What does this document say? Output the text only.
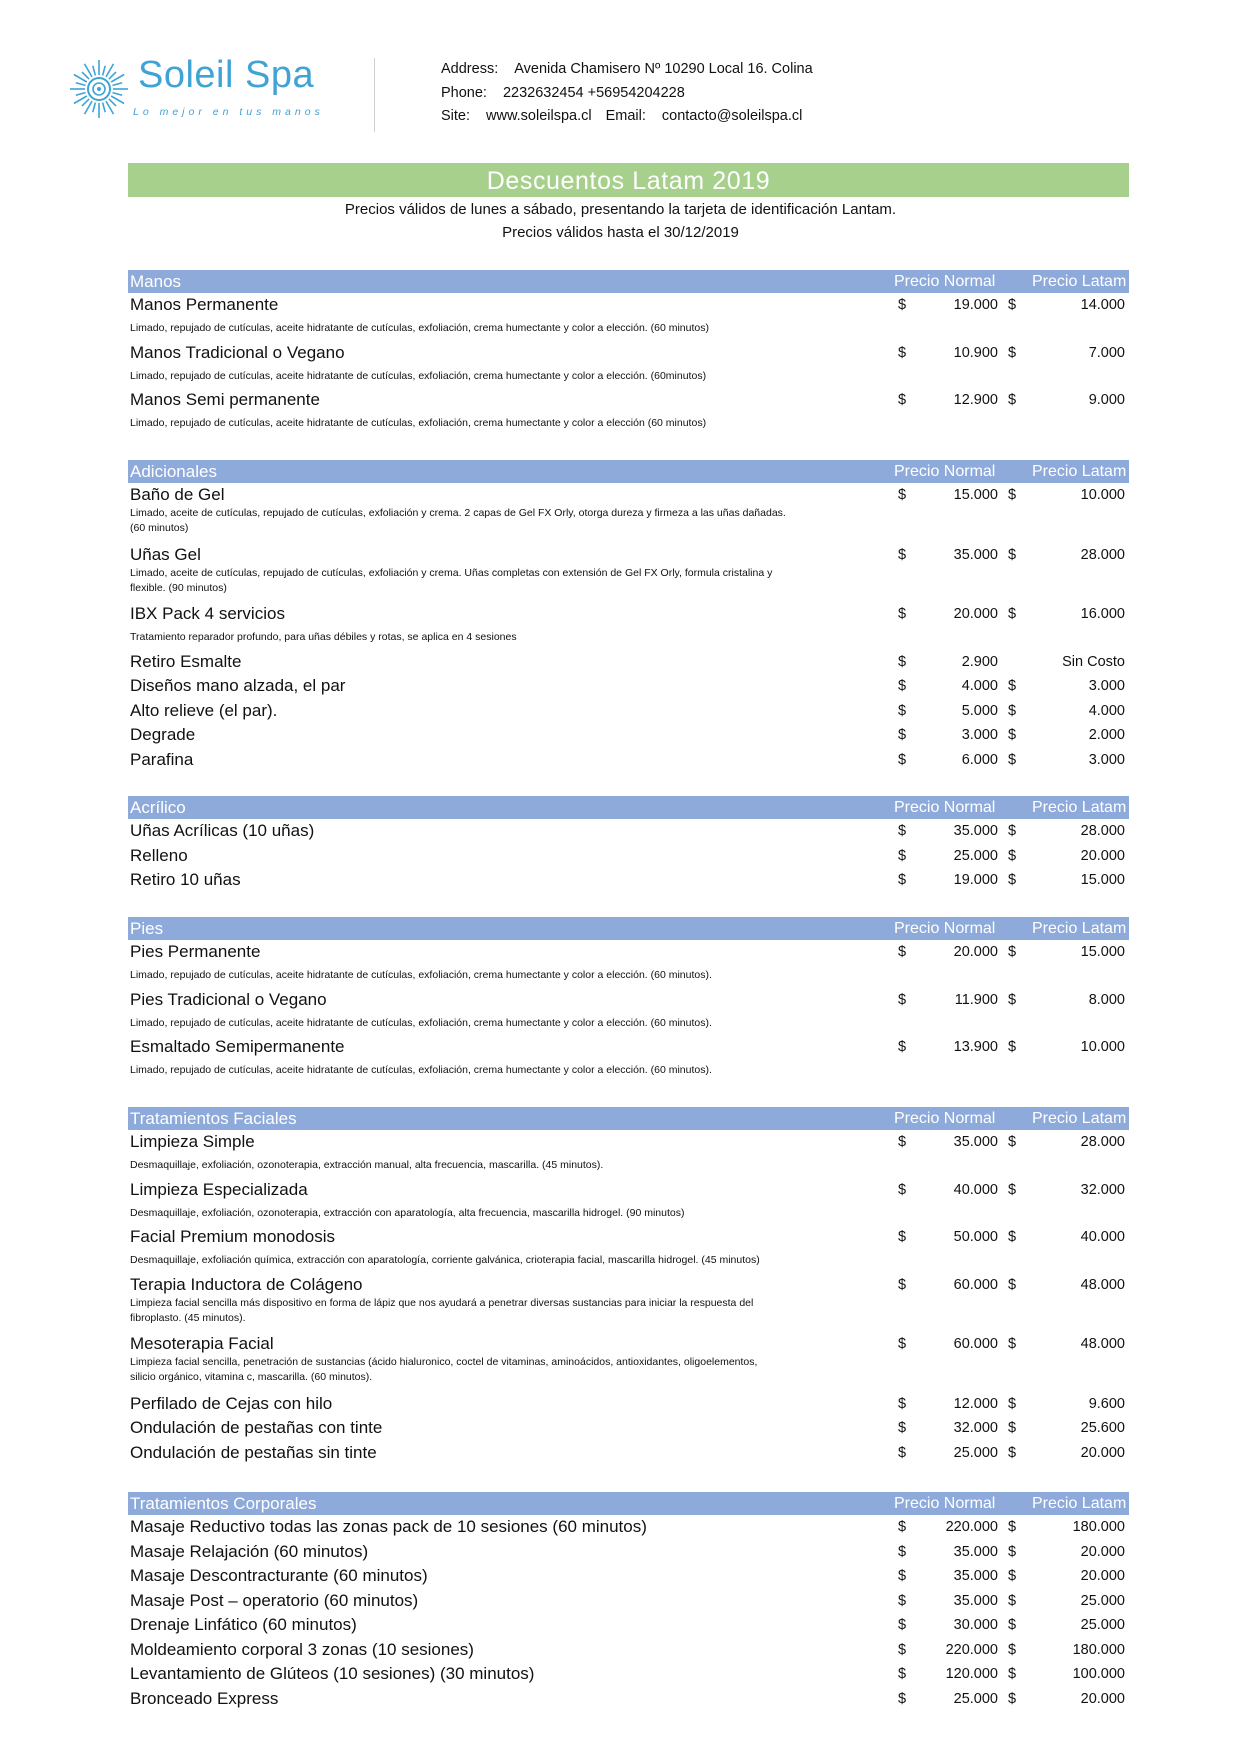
Soleil Spa
Lo mejor en tus manos
Address: Avenida Chamisero Nº 10290 Local 16. Colina
Phone: 2232632454 +56954204228
Site: www.soleilspa.cl Email: contacto@soleilspa.cl
Descuentos Latam 2019
Precios válidos de lunes a sábado, presentando la tarjeta de identificación Lantam.
Precios válidos hasta el 30/12/2019
Manos	Precio Normal Precio Latam
Manos Permanente	$	19.000 $	14.000
Limado, repujado de cutículas, aceite hidratante de cutículas, exfoliación, crema humectante y color a elección. (60 minutos)
Manos Tradicional o Vegano	$	10.900 $	7.000
Limado, repujado de cutículas, aceite hidratante de cutículas, exfoliación, crema humectante y color a elección. (60minutos)
Manos Semi permanente	$	12.900 $	9.000
Limado, repujado de cutículas, aceite hidratante de cutículas, exfoliación, crema humectante y color a elección (60 minutos)
Adicionales	Precio Normal Precio Latam
Baño de Gel	$	15.000 $	10.000
Limado, aceite de cutículas, repujado de cutículas, exfoliación y crema. 2 capas de Gel FX Orly, otorga dureza y firmeza a las uñas dañadas.
(60 minutos)
Uñas Gel	$	35.000 $	28.000
Limado, aceite de cutículas, repujado de cutículas, exfoliación y crema. Uñas completas con extensión de Gel FX Orly, formula cristalina y
flexible. (90 minutos)
IBX Pack 4 servicios	$	20.000 $	16.000
Tratamiento reparador profundo, para uñas débiles y rotas, se aplica en 4 sesiones
Retiro Esmalte	$	2.900	Sin Costo
Diseños mano alzada, el par	$	4.000 $	3.000
Alto relieve (el par).	$	5.000 $	4.000
Degrade	$	3.000 $	2.000
Parafina	$	6.000 $	3.000
Acrílico	Precio Normal Precio Latam
Uñas Acrílicas (10 uñas)	$	35.000 $	28.000
Relleno	$	25.000 $	20.000
Retiro 10 uñas	$	19.000 $	15.000
Pies	Precio Normal Precio Latam
Pies Permanente	$	20.000 $	15.000
Limado, repujado de cutículas, aceite hidratante de cutículas, exfoliación, crema humectante y color a elección. (60 minutos).
Pies Tradicional o Vegano	$	11.900 $	8.000
Limado, repujado de cutículas, aceite hidratante de cutículas, exfoliación, crema humectante y color a elección. (60 minutos).
Esmaltado Semipermanente	$	13.900 $	10.000
Limado, repujado de cutículas, aceite hidratante de cutículas, exfoliación, crema humectante y color a elección. (60 minutos).
Tratamientos Faciales	Precio Normal Precio Latam
Limpieza Simple	$	35.000 $	28.000
Desmaquillaje, exfoliación, ozonoterapia, extracción manual, alta frecuencia, mascarilla. (45 minutos).
Limpieza Especializada	$	40.000 $	32.000
Desmaquillaje, exfoliación, ozonoterapia, extracción con aparatología, alta frecuencia, mascarilla hidrogel. (90 minutos)
Facial Premium monodosis	$	50.000 $	40.000
Desmaquillaje, exfoliación química, extracción con aparatología, corriente galvánica, crioterapia facial, mascarilla hidrogel. (45 minutos)
Terapia Inductora de Colágeno	$	60.000 $	48.000
Limpieza facial sencilla más dispositivo en forma de lápiz que nos ayudará a penetrar diversas sustancias para iniciar la respuesta del
fibroplasto. (45 minutos).
Mesoterapia Facial	$	60.000 $	48.000
Limpieza facial sencilla, penetración de sustancias (ácido hialuronico, coctel de vitaminas, aminoácidos, antioxidantes, oligoelementos,
silicio orgánico, vitamina c, mascarilla. (60 minutos).
Perfilado de Cejas con hilo	$	12.000 $	9.600
Ondulación de pestañas con tinte	$	32.000 $	25.600
Ondulación de pestañas sin tinte	$	25.000 $	20.000
Tratamientos Corporales	Precio Normal Precio Latam
Masaje Reductivo todas las zonas pack de 10 sesiones (60 minutos)	$	220.000 $	180.000
Masaje Relajación (60 minutos)	$	35.000 $	20.000
Masaje Descontracturante (60 minutos)	$	35.000 $	20.000
Masaje Post – operatorio (60 minutos)	$	35.000 $	25.000
Drenaje Linfático (60 minutos)	$	30.000 $	25.000
Moldeamiento corporal 3 zonas (10 sesiones)	$	220.000 $	180.000
Levantamiento de Glúteos (10 sesiones) (30 minutos)	$	120.000 $	100.000
Bronceado Express	$	25.000 $	20.000
